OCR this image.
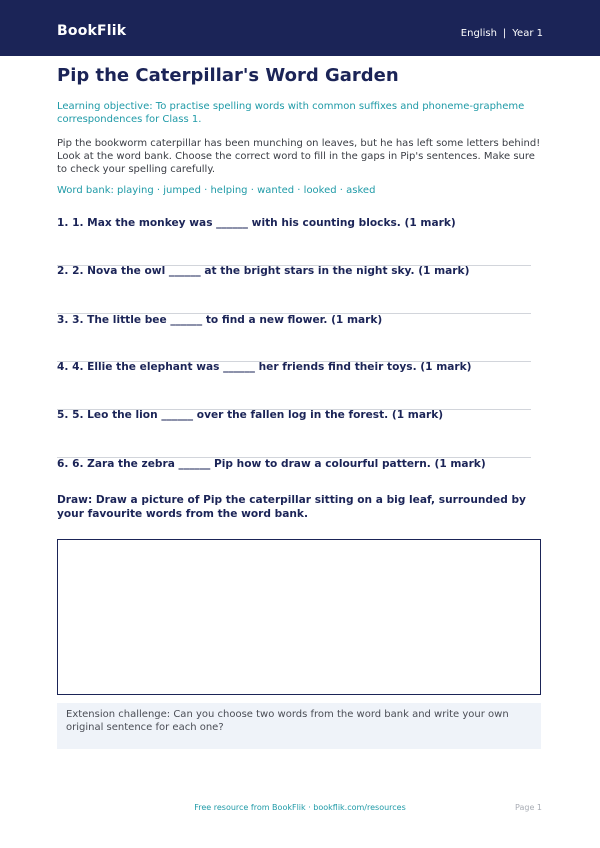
BookFlik	English | Year 1
Pip the Caterpillar's Word Garden
Learning objective: To practise spelling words with common suffixes and phoneme-grapheme correspondences for Class 1.
Pip the bookworm caterpillar has been munching on leaves, but he has left some letters behind! Look at the word bank. Choose the correct word to fill in the gaps in Pip's sentences. Make sure to check your spelling carefully.
Word bank: playing · jumped · helping · wanted · looked · asked
1. 1. Max the monkey was ______ with his counting blocks. (1 mark)
2. 2. Nova the owl ______ at the bright stars in the night sky. (1 mark)
3. 3. The little bee ______ to find a new flower. (1 mark)
4. 4. Ellie the elephant was ______ her friends find their toys. (1 mark)
5. 5. Leo the lion ______ over the fallen log in the forest. (1 mark)
6. 6. Zara the zebra ______ Pip how to draw a colourful pattern. (1 mark)
Draw: Draw a picture of Pip the caterpillar sitting on a big leaf, surrounded by your favourite words from the word bank.
Extension challenge: Can you choose two words from the word bank and write your own original sentence for each one?
Free resource from BookFlik · bookflik.com/resources	Page 1
